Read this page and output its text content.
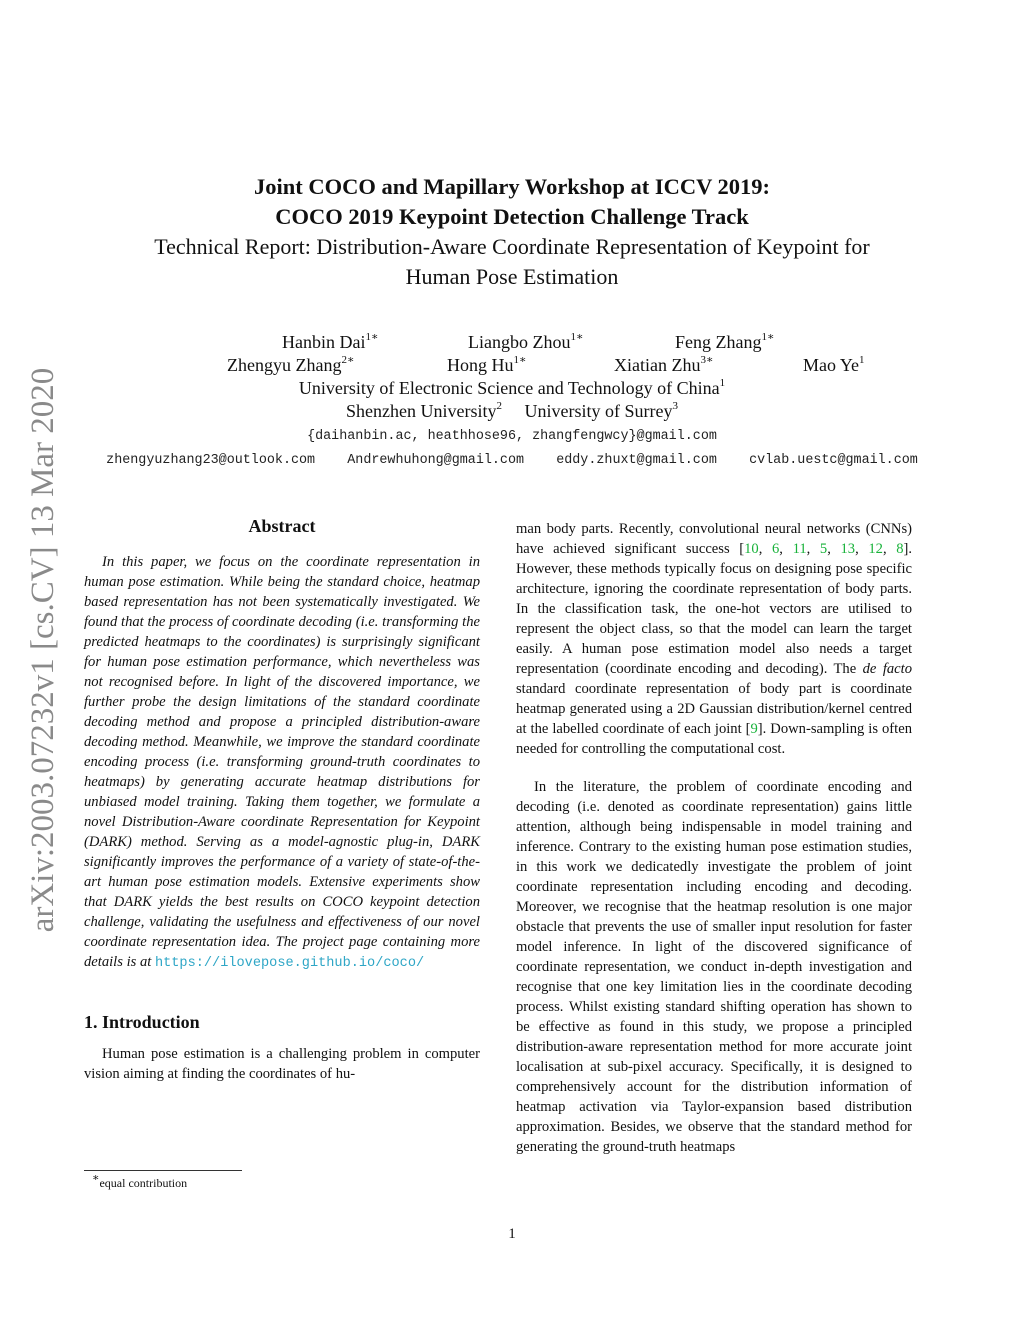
arXiv:2003.07232v1 [cs.CV] 13 Mar 2020
Joint COCO and Mapillary Workshop at ICCV 2019:
COCO 2019 Keypoint Detection Challenge Track
Technical Report: Distribution-Aware Coordinate Representation of Keypoint for
Human Pose Estimation
Hanbin Dai$^{1∗}$	Liangbo Zhou$^{1∗}$	Feng Zhang$^{1∗}$
Zhengyu Zhang$^{2∗}$	Hong $Hu^{1∗}$	Xiatian Zhu$^{3∗}$	Mao Ye$^1$
University of Electronic Science and Technology of China$^1$
Shenzhen University$^2$ University of Surrey$^3$
{daihanbin.ac, heathhose96, zhangfengwcy}@gmail.com
zhengyuzhang23@outlook.com Andrewhuhong@gmail.com eddy.zhuxt@gmail.com cvlab.uestc@gmail.com
Abstract
In this paper, we focus on the coordinate representation in human pose estimation. While being the standard choice, heatmap based representation has not been systematically investigated. We found that the process of coordinate decoding (i.e. transforming the predicted heatmaps to the coordinates) is surprisingly significant for human pose estimation performance, which nevertheless was not recognised before. In light of the discovered importance, we further probe the design limitations of the standard coordinate decoding method and propose a principled distribution-aware decoding method. Meanwhile, we improve the standard coordinate encoding process (i.e. transforming ground-truth coordinates to heatmaps) by generating accurate heatmap distributions for unbiased model training. Taking them together, we formulate a novel Distribution-Aware coordinate Representation for Keypoint (DARK) method. Serving as a model-agnostic plug-in, DARK significantly improves the performance of a variety of state-of-the-art human pose estimation models. Extensive experiments show that DARK yields the best results on COCO keypoint detection challenge, validating the usefulness and effectiveness of our novel coordinate representation idea. The project page containing more details is at https://ilovepose.github.io/coco/
1. Introduction

Human pose estimation is a challenging problem in computer vision aiming at finding the coordinates of hu-

man body parts. Recently, convolutional neural networks (CNNs) have achieved significant success [10, 6, 11, 5, 13, 12, 8]. However, these methods typically focus on designing pose specific architecture, ignoring the coordinate representation of body parts. In the classification task, the one-hot vectors are utilised to represent the object class, so that the model can learn the target easily. A human pose estimation model also needs a target representation (coordinate encoding and decoding). The de facto standard coordinate representation of body part is coordinate heatmap generated using a 2D Gaussian distribution/kernel centred at the labelled coordinate of each joint [9]. Down-sampling is often needed for controlling the computational cost.

In the literature, the problem of coordinate encoding and decoding (i.e. denoted as coordinate representation) gains little attention, although being indispensable in model training and inference. Contrary to the existing human pose estimation studies, in this work we dedicatedly investigate the problem of joint coordinate representation including encoding and decoding. Moreover, we recognise that the heatmap resolution is one major obstacle that prevents the use of smaller input resolution for faster model inference. In light of the discovered significance of coordinate representation, we conduct in-depth investigation and recognise that one key limitation lies in the coordinate decoding process. Whilst existing standard shifting operation has shown to be effective as found in this study, we propose a principled distribution-aware representation method for more accurate joint localisation at sub-pixel accuracy. Specifically, it is designed to comprehensively account for the distribution information of heatmap activation via Taylor-expansion based distribution approximation. Besides, we observe that the standard method for generating the ground-truth heatmaps

∗equal contribution
1
